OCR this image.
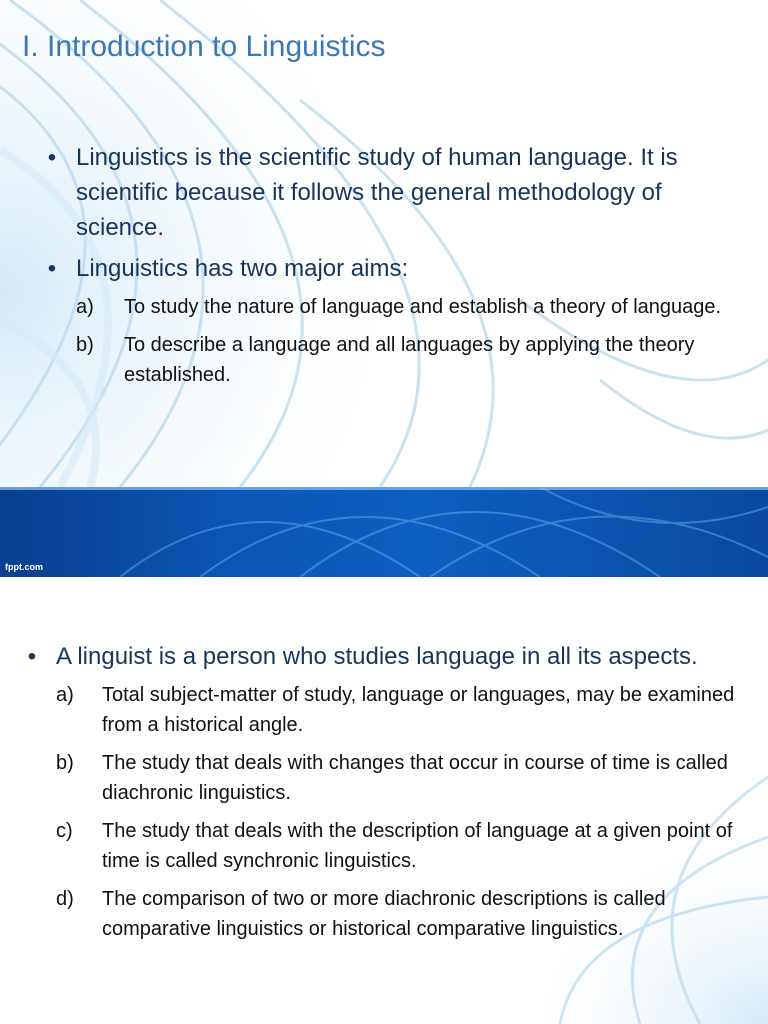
I. Introduction to Linguistics
• Linguistics is the scientific study of human language. It is scientific because it follows the general methodology of science.
• Linguistics has two major aims:
a)	To study the nature of language and establish a theory of language.
b)	To describe a language and all languages by applying the theory established.
fppt.com
• A linguist is a person who studies language in all its aspects.
a)	Total subject-matter of study, language or languages, may be examined from a historical angle.
b)	The study that deals with changes that occur in course of time is called diachronic linguistics.
c)	The study that deals with the description of language at a given point of time is called synchronic linguistics.
d)	The comparison of two or more diachronic descriptions is called comparative linguistics or historical comparative linguistics.
